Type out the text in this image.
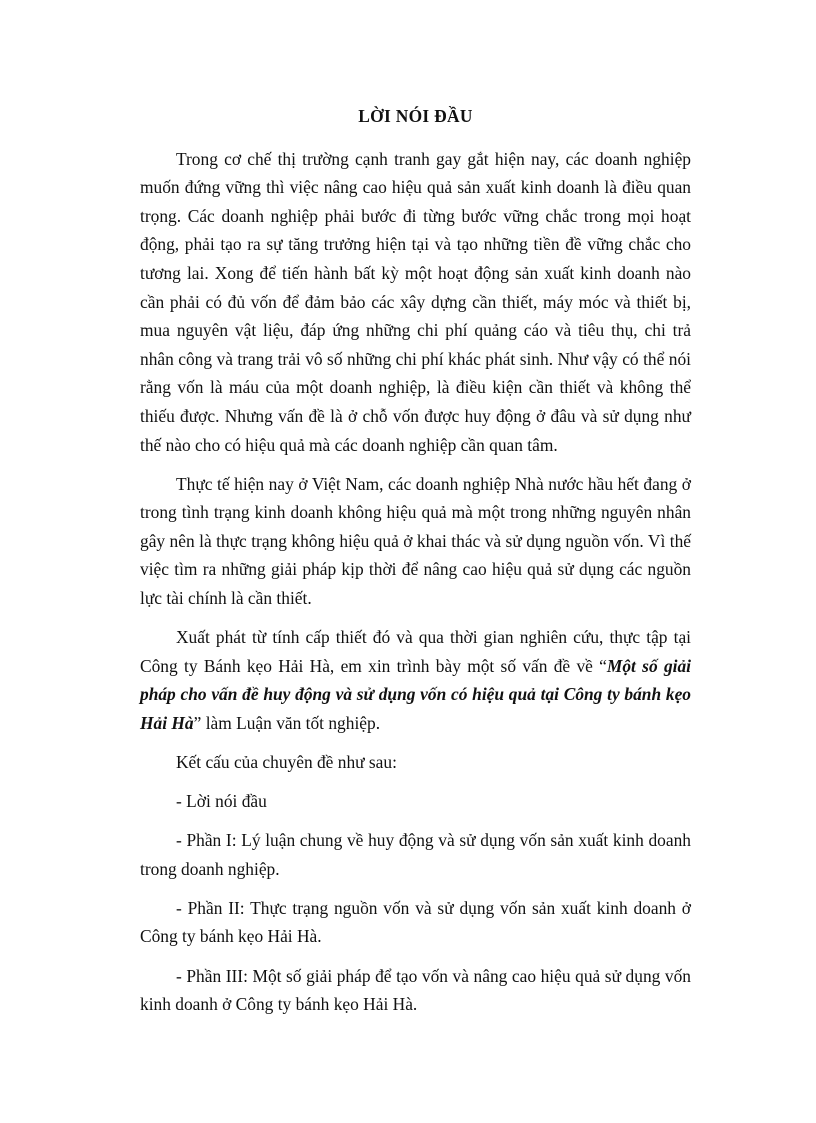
LỜI NÓI ĐẦU

Trong cơ chế thị trường cạnh tranh gay gắt hiện nay, các doanh nghiệp muốn đứng vững thì việc nâng cao hiệu quả sản xuất kinh doanh là điều quan trọng. Các doanh nghiệp phải bước đi từng bước vững chắc trong mọi hoạt động, phải tạo ra sự tăng trưởng hiện tại và tạo những tiền đề vững chắc cho tương lai. Xong để tiến hành bất kỳ một hoạt động sản xuất kinh doanh nào cần phải có đủ vốn để đảm bảo các xây dựng cần thiết, máy móc và thiết bị, mua nguyên vật liệu, đáp ứng những chi phí quảng cáo và tiêu thụ, chi trả nhân công và trang trải vô số những chi phí khác phát sinh. Như vậy có thể nói rằng vốn là máu của một doanh nghiệp, là điều kiện cần thiết và không thể thiếu được. Nhưng vấn đề là ở chỗ vốn được huy động ở đâu và sử dụng như thế nào cho có hiệu quả mà các doanh nghiệp cần quan tâm.

Thực tế hiện nay ở Việt Nam, các doanh nghiệp Nhà nước hầu hết đang ở trong tình trạng kinh doanh không hiệu quả mà một trong những nguyên nhân gây nên là thực trạng không hiệu quả ở khai thác và sử dụng nguồn vốn. Vì thế việc tìm ra những giải pháp kịp thời để nâng cao hiệu quả sử dụng các nguồn lực tài chính là cần thiết.

Xuất phát từ tính cấp thiết đó và qua thời gian nghiên cứu, thực tập tại Công ty Bánh kẹo Hải Hà, em xin trình bày một số vấn đề về “Một số giải pháp cho vấn đề huy động và sử dụng vốn có hiệu quả tại Công ty bánh kẹo Hải Hà” làm Luận văn tốt nghiệp.

Kết cấu của chuyên đề như sau:

- Lời nói đầu

- Phần I: Lý luận chung về huy động và sử dụng vốn sản xuất kinh doanh trong doanh nghiệp.

- Phần II: Thực trạng nguồn vốn và sử dụng vốn sản xuất kinh doanh ở Công ty bánh kẹo Hải Hà.

- Phần III: Một số giải pháp để tạo vốn và nâng cao hiệu quả sử dụng vốn kinh doanh ở Công ty bánh kẹo Hải Hà.
